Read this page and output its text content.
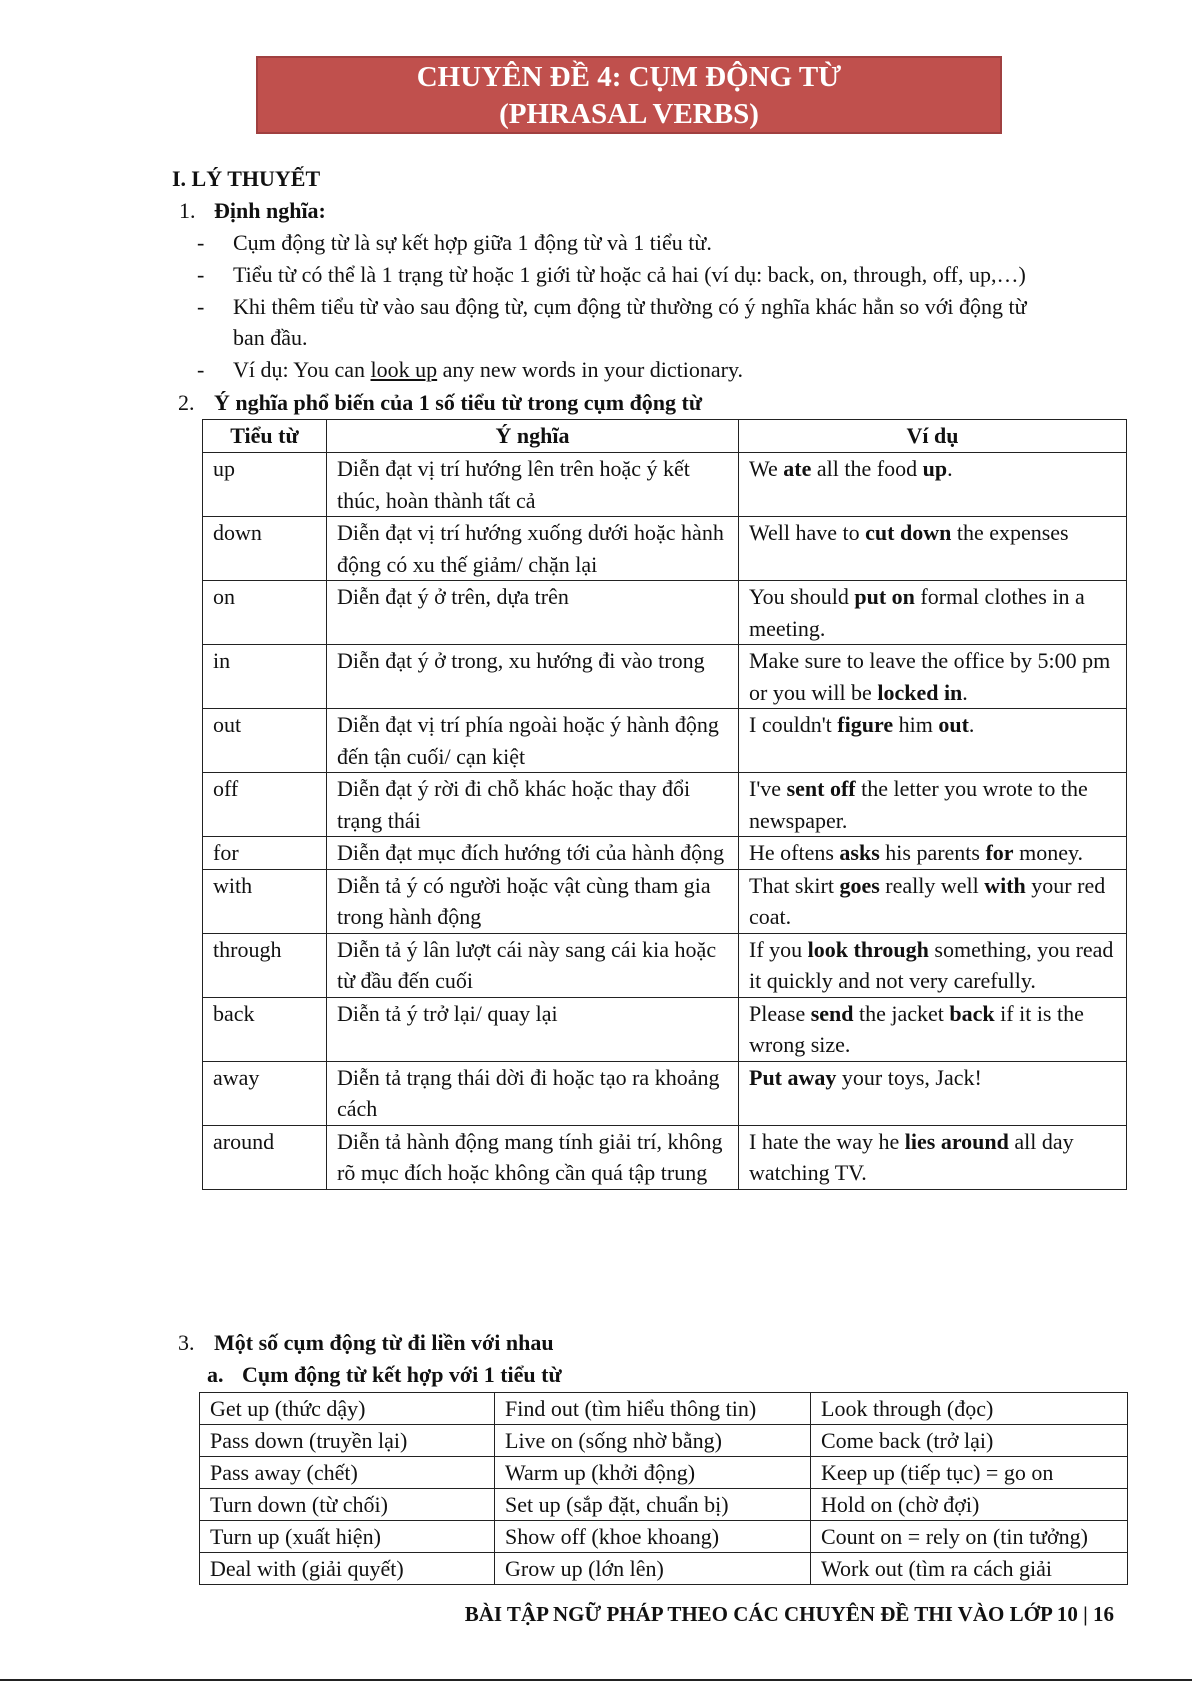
CHUYÊN ĐỀ 4: CỤM ĐỘNG TỪ
(PHRASAL VERBS)
I. LÝ THUYẾT
1. Định nghĩa:
- Cụm động từ là sự kết hợp giữa 1 động từ và 1 tiểu từ.
- Tiểu từ có thể là 1 trạng từ hoặc 1 giới từ hoặc cả hai (ví dụ: back, on, through, off, up,…)
- Khi thêm tiểu từ vào sau động từ, cụm động từ thường có ý nghĩa khác hẳn so với động từ
ban đầu.
- Ví dụ: You can look up any new words in your dictionary.
2. Ý nghĩa phổ biến của 1 số tiểu từ trong cụm động từ
Tiểu từ	Ý nghĩa	Ví dụ
up	Diễn đạt vị trí hướng lên trên hoặc ý kết thúc, hoàn thành tất cả	We ate all the food up.
down	Diễn đạt vị trí hướng xuống dưới hoặc hành động có xu thế giảm/ chặn lại	Well have to cut down the expenses
on	Diễn đạt ý ở trên, dựa trên	You should put on formal clothes in a meeting.
in	Diễn đạt ý ở trong, xu hướng đi vào trong	Make sure to leave the office by 5:00 pm or you will be locked in.
out	Diễn đạt vị trí phía ngoài hoặc ý hành động đến tận cuối/ cạn kiệt	I couldn't figure him out.
off	Diễn đạt ý rời đi chỗ khác hoặc thay đổi trạng thái	I've sent off the letter you wrote to the newspaper.
for	Diễn đạt mục đích hướng tới của hành động	He oftens asks his parents for money.
with	Diễn tả ý có người hoặc vật cùng tham gia trong hành động	That skirt goes really well with your red coat.
through	Diễn tả ý lân lượt cái này sang cái kia hoặc từ đầu đến cuối	If you look through something, you read it quickly and not very carefully.
back	Diễn tả ý trở lại/ quay lại	Please send the jacket back if it is the wrong size.
away	Diễn tả trạng thái dời đi hoặc tạo ra khoảng cách	Put away your toys, Jack!
around	Diễn tả hành động mang tính giải trí, không rõ mục đích hoặc không cần quá tập trung	I hate the way he lies around all day watching TV.
3. Một số cụm động từ đi liền với nhau
a. Cụm động từ kết hợp với 1 tiểu từ
Get up (thức dậy)	Find out (tìm hiểu thông tin)	Look through (đọc)
Pass down (truyền lại)	Live on (sống nhờ bằng)	Come back (trở lại)
Pass away (chết)	Warm up (khởi động)	Keep up (tiếp tục) = go on
Turn down (từ chối)	Set up (sắp đặt, chuẩn bị)	Hold on (chờ đợi)
Turn up (xuất hiện)	Show off (khoe khoang)	Count on = rely on (tin tưởng)
Deal with (giải quyết)	Grow up (lớn lên)	Work out (tìm ra cách giải
BÀI TẬP NGỮ PHÁP THEO CÁC CHUYÊN ĐỀ THI VÀO LỚP 10 | 16
